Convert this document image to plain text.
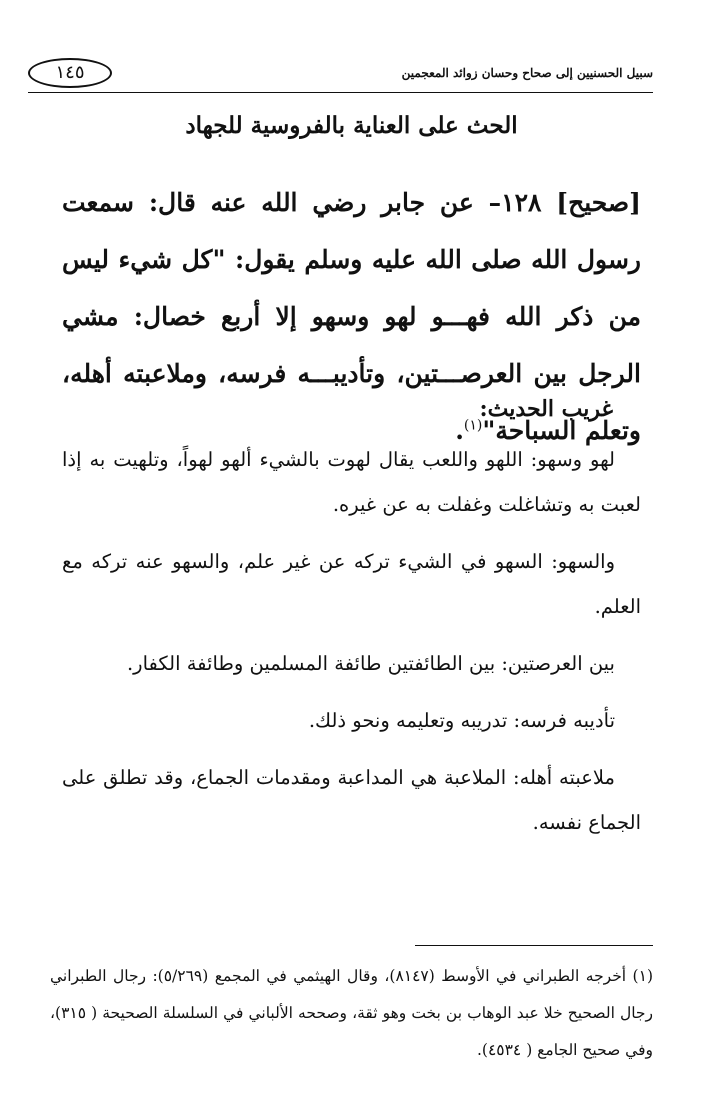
سبيل الحسنيين إلى صحاح وحسان زوائد المعجمين
١٤٥
الحث على العناية بالفروسية للجهاد
[صحيح] ١٢٨– عن جابر رضي الله عنه قال: سمعت رسول الله صلى الله عليه وسلم يقول: "كل شيء ليس من ذكر الله فهـــو لهو وسهو إلا أربع خصال: مشي الرجل بين العرصـــتين، وتأديبـــه فرسه، وملاعبته أهله، وتعلم السباحة"$^{(١)}$.
غريب الحديث:

لهو وسهو: اللهو واللعب يقال لهوت بالشيء ألهو لهواً، وتلهيت به إذا لعبت به وتشاغلت وغفلت به عن غيره.

والسهو: السهو في الشيء تركه عن غير علم، والسهو عنه تركه مع العلم.

بين العرصتين: بين الطائفتين طائفة المسلمين وطائفة الكفار.

تأديبه فرسه: تدريبه وتعليمه ونحو ذلك.

ملاعبته أهله: الملاعبة هي المداعبة ومقدمات الجماع، وقد تطلق على الجماع نفسه.

(١) أخرجه الطبراني في الأوسط (٨١٤٧)، وقال الهيثمي في المجمع (٥/٢٦٩): رجال الطبراني رجال الصحيح خلا عبد الوهاب بن بخت وهو ثقة، وصححه الألباني في السلسلة الصحيحة ( ٣١٥)، وفي صحيح الجامع ( ٤٥٣٤).
